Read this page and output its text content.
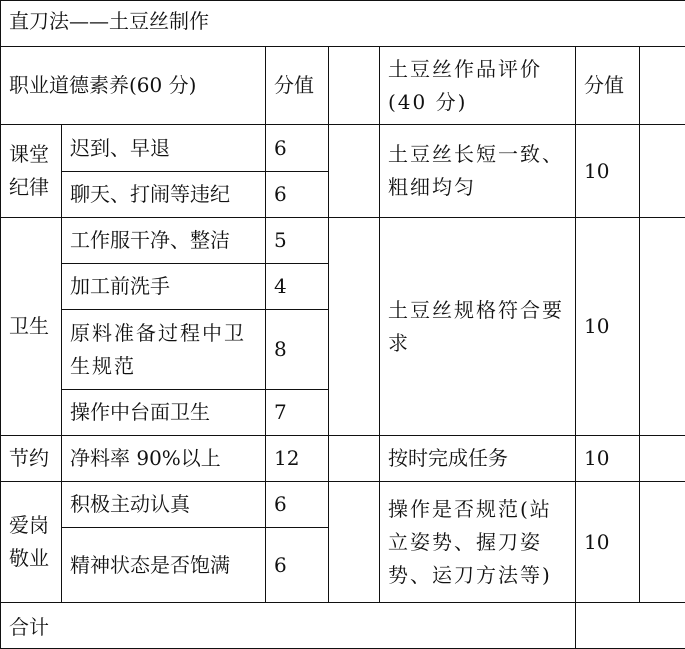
直刀法——土豆丝制作						
职业道德素养(60 分)		分值		土豆丝作品评价(40 分)	分值	
课堂纪律	迟到、早退	6		土豆丝长短一致、粗细均匀	10	
	聊天、打闹等违纪	6				
卫生	工作服干净、整洁	5		土豆丝规格符合要求	10	
	加工前洗手	4				
	原料准备过程中卫生规范	8				
	操作中台面卫生	7				
节约	净料率 90%以上	12		按时完成任务	10	
爱岗敬业	积极主动认真	6		操作是否规范(站立姿势、握刀姿势、运刀方法等)	10	
	精神状态是否饱满	6				
合计						
